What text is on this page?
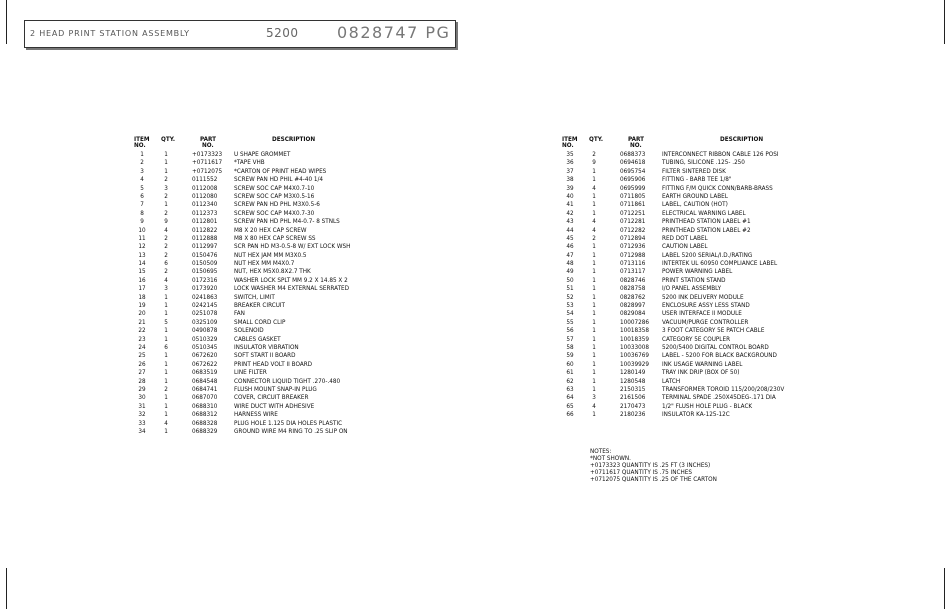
2 HEAD PRINT STATION ASSEMBLY	5200 0828747 PG
ITEM
NO.
QTY.	PART
NO.
DESCRIPTION
1	1	+0173323 U SHAPE GROMMET
2	1	+0711617 *TAPE VHB
3	1	+0712075 *CARTON OF PRINT HEAD WIPES
4	2	0111552	SCREW PAN HD PHIL #4-40 1/4
5	3	0112008	SCREW SOC CAP M4X0.7-10
6	2	0112080	SCREW SOC CAP M3X0.5-16
7	1	0112340	SCREW PAN HD PHL M3X0.5-6
8	2	0112373	SCREW SOC CAP M4X0.7-30
9	9	0112801	SCREW PAN HD PHL M4-0.7- 8 STNLS
10	4	0112822	M8 X 20 HEX CAP SCREW
11	2	0112888	M8 X 80 HEX CAP SCREW SS
12	2	0112997	SCR PAN HD M3-0.5-8 W/ EXT LOCK WSH
13	2	0150476	NUT HEX JAM MM M3X0.5
14	6	0150509	NUT HEX MM M4X0.7
15	2	0150695	NUT, HEX M5X0.8X2.7 THK
16	4	0172316	WASHER LOCK SPLT MM 9.2 X 14.85 X 2
17	3	0173920	LOCK WASHER M4 EXTERNAL SERRATED
18	1	0241863	SWITCH, LIMIT
19	1	0242145	BREAKER CIRCUIT
20	1	0251078	FAN
21	5	0325109	SMALL CORD CLIP
22	1	0490878	SOLENOID
23	1	0510329	CABLES GASKET
24	6	0510345	INSULATOR VIBRATION
25	1	0672620	SOFT START II BOARD
26	1	0672622	PRINT HEAD VOLT II BOARD
27	1	0683519	LINE FILTER
28	1	0684548	CONNECTOR LIQUID TIGHT .270-.480
29	2	0684741	FLUSH MOUNT SNAP-IN PLUG
30	1	0687070	COVER, CIRCUIT BREAKER
31	1	0688310	WIRE DUCT WITH ADHESIVE
32	1	0688312	HARNESS WIRE
33	4	0688328	PLUG HOLE 1.125 DIA HOLES PLASTIC
34	1	0688329	GROUND WIRE M4 RING TO .25 SLIP ON
ITEM
NO.
QTY.	PART
NO.
DESCRIPTION
35	2	0688373	INTERCONNECT RIBBON CABLE 126 POSI
36	9	0694618	TUBING, SILICONE .125- .250
37	1	0695754	FILTER SINTERED DISK
38	1	0695906	FITTING - BARB TEE 1/8"
39	4	0695999	FITTING F/M QUICK CONN/BARB-BRASS
40	1	0711805	EARTH GROUND LABEL
41	1	0711861	LABEL, CAUTION (HOT)
42	1	0712251	ELECTRICAL WARNING LABEL
43	4	0712281	PRINTHEAD STATION LABEL #1
44	4	0712282	PRINTHEAD STATION LABEL #2
45	2	0712894	RED DOT LABEL
46	1	0712936	CAUTION LABEL
47	1	0712988	LABEL 5200 SERIAL/I.D./RATING
48	1	0713116	INTERTEK UL 60950 COMPLIANCE LABEL
49	1	0713117	POWER WARNING LABEL
50	1	0828746	PRINT STATION STAND
51	1	0828758	I/O PANEL ASSEMBLY
52	1	0828762	5200 INK DELIVERY MODULE
53	1	0828997	ENCLOSURE ASSY LESS STAND
54	1	0829084	USER INTERFACE II MODULE
55	1	10007286 VACUUM/PURGE CONTROLLER
56	1	10018358 3 FOOT CATEGORY 5E PATCH CABLE
57	1	10018359 CATEGORY 5E COUPLER
58	1	10033008 5200/5400 DIGITAL CONTROL BOARD
59	1	10036769 LABEL - 5200 FOR BLACK BACKGROUND
60	1	10039929 INK USAGE WARNING LABEL
61	1	1280149	TRAY INK DRIP (BOX OF 50)
62	1	1280548	LATCH
63	1	2150315	TRANSFORMER TOROID 115/200/208/230V
64	3	2161506	TERMINAL SPADE .250X45DEG-.171 DIA
65	4	2170473	1/2" FLUSH HOLE PLUG - BLACK
66	1	2180236	INSULATOR KA-125-12C
NOTES:
*NOT SHOWN.
+0173323 QUANTITY IS .25 FT (3 INCHES)
+0711617 QUANTITY IS .75 INCHES
+0712075 QUANTITY IS .25 OF THE CARTON
